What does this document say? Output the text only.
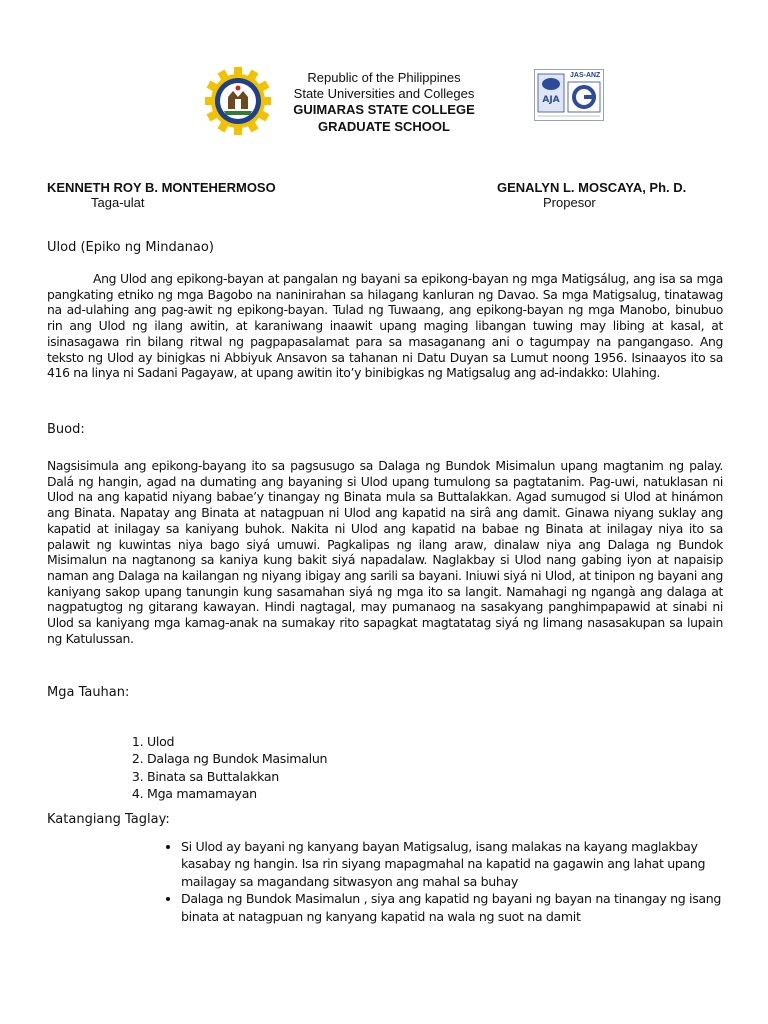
Republic of the Philippines
State Universities and Colleges
GUIMARAS STATE COLLEGE
GRADUATE SCHOOL
AJA
JAS-ANZ
KENNETH ROY B. MONTEHERMOSO
Taga-ulat
GENALYN L. MOSCAYA, Ph. D.
Propesor
Ulod (Epiko ng Mindanao)
Ang Ulod ang epikong-bayan at pangalan ng bayani sa epikong-bayan ng mga Matigsálug, ang isa sa mga pangkating etniko ng mga Bagobo na naninirahan sa hilagang kanluran ng Davao. Sa mga Matigsalug, tinatawag na ad-ulahing ang pag-awit ng epikong-bayan. Tulad ng Tuwaang, ang epikong-bayan ng mga Manobo, binubuo rin ang Ulod ng ilang awitin, at karaniwang inaawit upang maging libangan tuwing may libing at kasal, at isinasagawa rin bilang ritwal ng pagpapasalamat para sa masaganang ani o tagumpay na pangangaso. Ang teksto ng Ulod ay binigkas ni Abbiyuk Ansavon sa tahanan ni Datu Duyan sa Lumut noong 1956. Isinaayos ito sa 416 na linya ni Sadani Pagayaw, at upang awitin ito’y binibigkas ng Matigsalug ang ad-indakko: Ulahing.
Buod:
Nagsisimula ang epikong-bayang ito sa pagsusugo sa Dalaga ng Bundok Misimalun upang magtanim ng palay. Dalá ng hangin, agad na dumating ang bayaning si Ulod upang tumulong sa pagtatanim. Pag-uwi, natuklasan ni Ulod na ang kapatid niyang babae’y tinangay ng Binata mula sa Buttalakkan. Agad sumugod si Ulod at hinámon ang Binata. Napatay ang Binata at natagpuan ni Ulod ang kapatid na sirâ ang damit. Ginawa niyang suklay ang kapatid at inilagay sa kaniyang buhok. Nakita ni Ulod ang kapatid na babae ng Binata at inilagay niya ito sa palawit ng kuwintas niya bago siyá umuwi. Pagkalipas ng ilang araw, dinalaw niya ang Dalaga ng Bundok Misimalun na nagtanong sa kaniya kung bakit siyá napadalaw. Naglakbay si Ulod nang gabing iyon at napaisip naman ang Dalaga na kailangan ng niyang ibigay ang sarili sa bayani. Iniuwi siyá ni Ulod, at tinipon ng bayani ang kaniyang sakop upang tanungin kung sasamahan siyá ng mga ito sa langit. Namahagi ng ngangà ang dalaga at nagpatugtog ng gitarang kawayan. Hindi nagtagal, may pumanaog na sasakyang panghimpapawid at sinabi ni Ulod sa kaniyang mga kamag-anak na sumakay rito sapagkat magtatatag siyá ng limang nasasakupan sa lupain ng Katulussan.
Mga Tauhan:
1. Ulod
2. Dalaga ng Bundok Masimalun
3. Binata sa Buttalakkan
4. Mga mamamayan
Katangiang Taglay:
• Si Ulod ay bayani ng kanyang bayan Matigsalug, isang malakas na kayang maglakbay kasabay ng hangin. Isa rin siyang mapagmahal na kapatid na gagawin ang lahat upang mailagay sa magandang sitwasyon ang mahal sa buhay
• Dalaga ng Bundok Masimalun , siya ang kapatid ng bayani ng bayan na tinangay ng isang binata at natagpuan ng kanyang kapatid na wala ng suot na damit
